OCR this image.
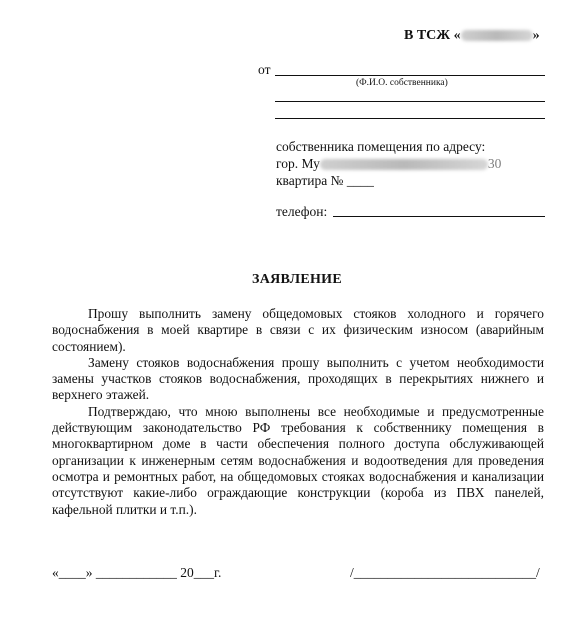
В ТСЖ «	»
от
(Ф.И.О. собственника)
собственника помещения по адресу:
гор. Му	30
квартира № ____
телефон:
ЗАЯВЛЕНИЕ

Прошу выполнить замену общедомовых стояков холодного и горячего водоснабжения в моей квартире в связи с их физическим износом (аварийным состоянием).

Замену стояков водоснабжения прошу выполнить с учетом необходимости замены участков стояков водоснабжения, проходящих в перекрытиях нижнего и верхнего этажей.

Подтверждаю, что мною выполнены все необходимые и предусмотренные действующим законодательство РФ требования к собственнику помещения в многоквартирном доме в части обеспечения полного доступа обслуживающей организации к инженерным сетям водоснабжения и водоотведения для проведения осмотра и ремонтных работ, на общедомовых стояках водоснабжения и канализации отсутствуют какие-либо ограждающие конструкции (короба из ПВХ панелей, кафельной плитки и т.п.).

«____» ____________ 20___г.	/___________________________/
